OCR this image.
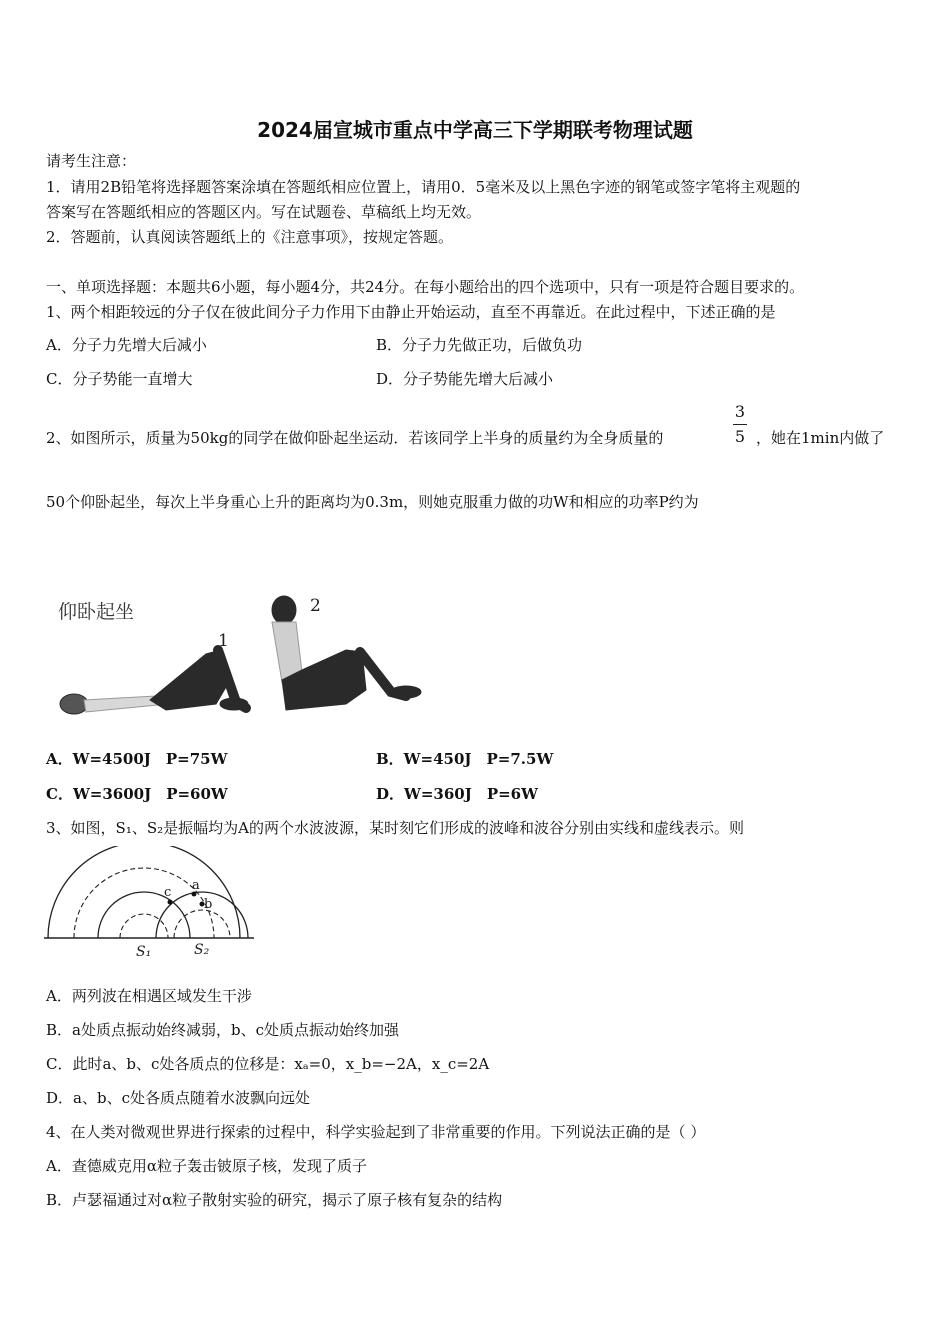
2024届宣城市重点中学高三下学期联考物理试题
请考生注意：
1．请用2B铅笔将选择题答案涂填在答题纸相应位置上，请用0．5毫米及以上黑色字迹的钢笔或签字笔将主观题的
答案写在答题纸相应的答题区内。写在试题卷、草稿纸上均无效。
2．答题前，认真阅读答题纸上的《注意事项》，按规定答题。
一、单项选择题：本题共6小题，每小题4分，共24分。在每小题给出的四个选项中，只有一项是符合题目要求的。
1、两个相距较远的分子仅在彼此间分子力作用下由静止开始运动，直至不再靠近。在此过程中，下述正确的是
A．分子力先增大后减小	B．分子力先做正功，后做负功
C．分子势能一直增大	D．分子势能先增大后减小
2、如图所示，质量为50kg的同学在做仰卧起坐运动．若该同学上半身的质量约为全身质量的
3
5 ，她在1min内做了
50个仰卧起坐，每次上半身重心上升的距离均为0.3m，则她克服重力做的功W和相应的功率P约为
仰卧起坐
1
2
A．W=4500J　P=75W	B．W=450J　P=7.5W
C．W=3600J　P=60W	D．W=360J　P=6W
3、如图，S₁、S₂是振幅均为A的两个水波波源，某时刻它们形成的波峰和波谷分别由实线和虚线表示。则
c a
b
S₁	S₂
A．两列波在相遇区域发生干涉
B．a处质点振动始终减弱，b、c处质点振动始终加强
C．此时a、b、c处各质点的位移是：xₐ=0，x_b=−2A，x_c=2A
D．a、b、c处各质点随着水波飘向远处
4、在人类对微观世界进行探索的过程中，科学实验起到了非常重要的作用。下列说法正确的是（ ）
A．查德威克用α粒子轰击铍原子核，发现了质子
B．卢瑟福通过对α粒子散射实验的研究，揭示了原子核有复杂的结构
